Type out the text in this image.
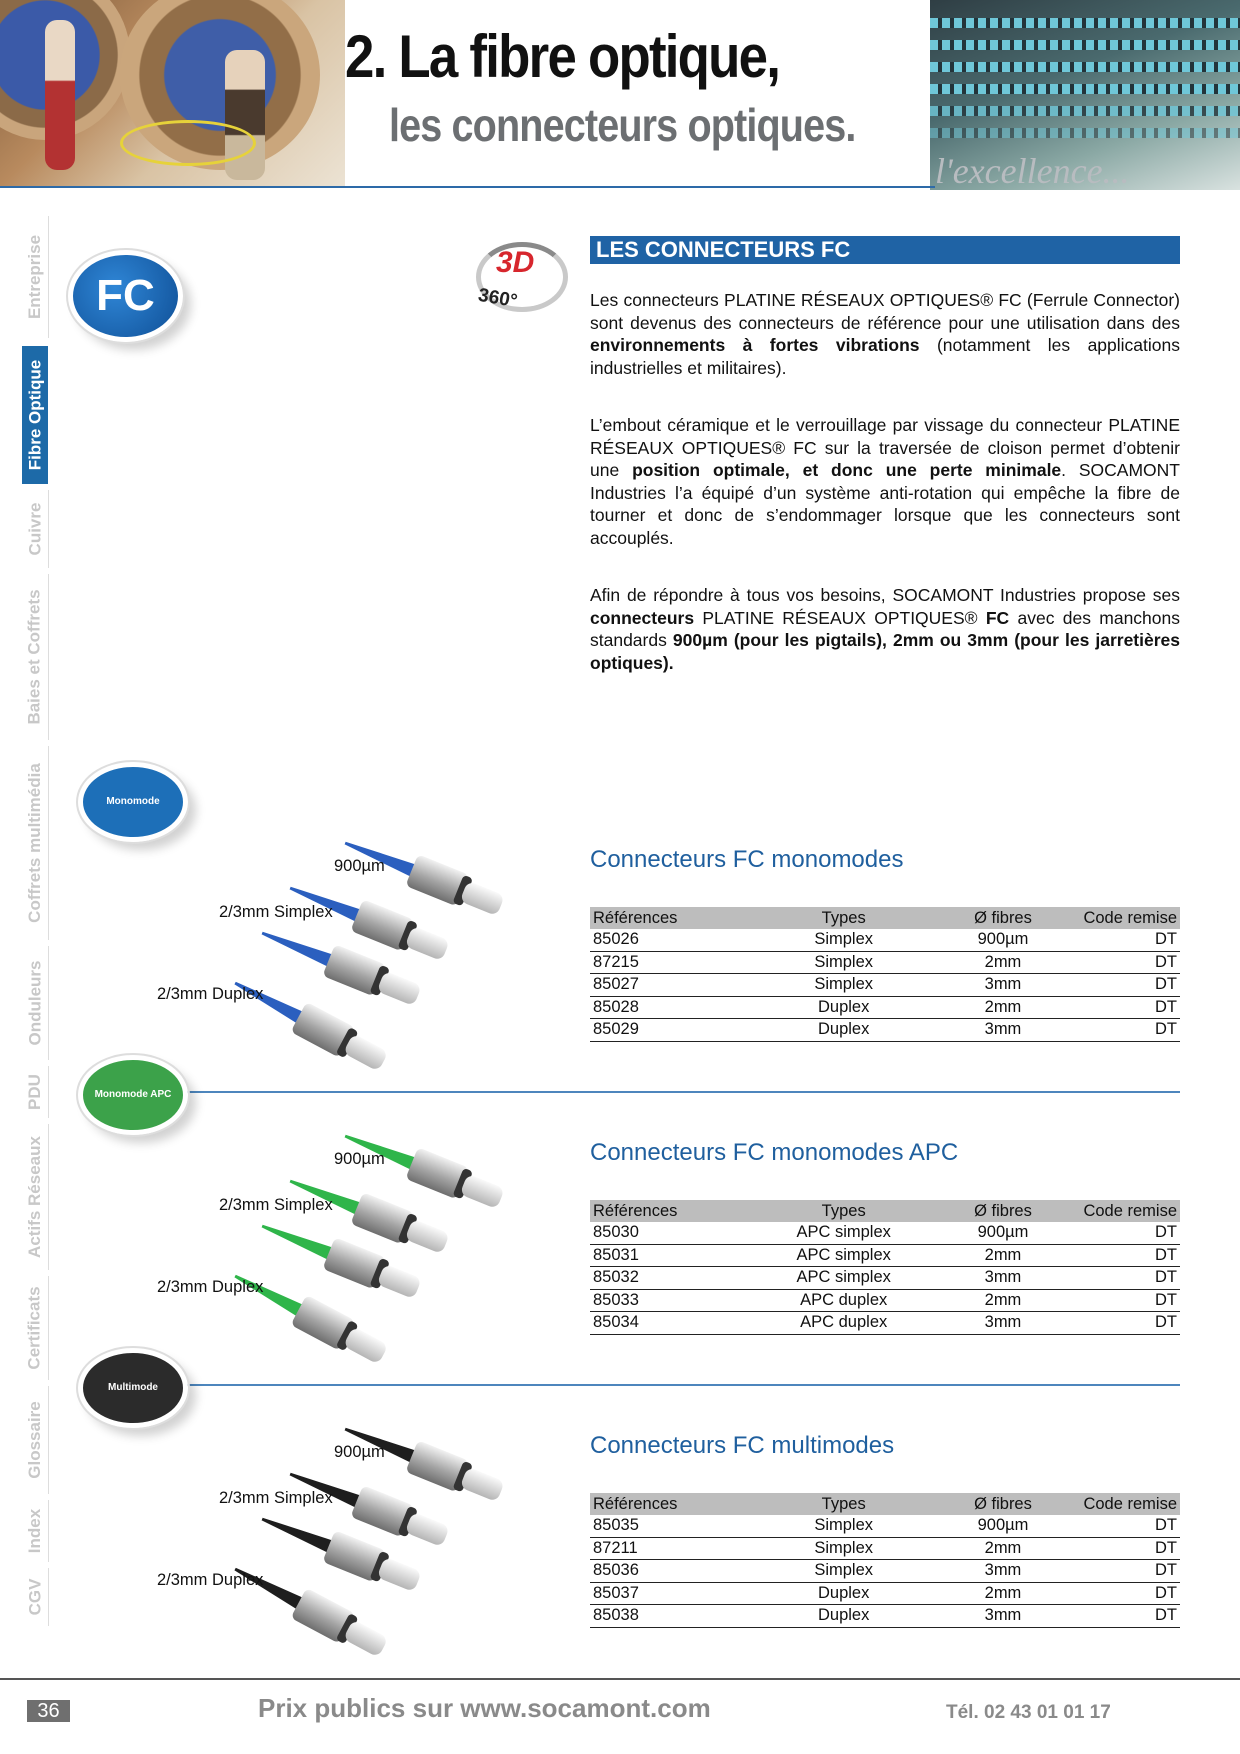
2. La fibre optique,
les connecteurs optiques.
l'excellence...
Entreprise
Fibre Optique
Cuivre
Baies et Coffrets
Coffrets multimédia
Onduleurs
PDU
Actifs Réseaux
Certificats
Glossaire
Index
CGV
FC
3D
360°
LES CONNECTEURS FC
Les connecteurs PLATINE RÉSEAUX OPTIQUES® FC (Ferrule Connector) sont devenus des connecteurs de référence pour une utilisation dans des environnements à fortes vibrations (notamment les applications industrielles et militaires).
L’embout céramique et le verrouillage par vissage du connecteur PLATINE RÉSEAUX OPTIQUES® FC sur la traversée de cloison permet d’obtenir une position optimale, et donc une perte minimale. SOCAMONT Industries l’a équipé d’un système anti-rotation qui empêche la fibre de tourner et donc de s’endommager lorsque que les connecteurs sont accouplés.
Afin de répondre à tous vos besoins, SOCAMONT Industries propose ses connecteurs PLATINE RÉSEAUX OPTIQUES® FC avec des manchons standards 900µm (pour les pigtails), 2mm ou 3mm (pour les jarretières optiques).
Monomode
900µm
2/3mm Simplex
2/3mm Duplex
Connecteurs FC monomodes
Références	Types	Ø fibres	Code remise
85026	Simplex	900µm	DT
87215	Simplex	2mm	DT
85027	Simplex	3mm	DT
85028	Duplex	2mm	DT
85029	Duplex	3mm	DT
Monomode APC
900µm
2/3mm Simplex
2/3mm Duplex
Connecteurs FC monomodes APC
Références	Types	Ø fibres	Code remise
85030	APC simplex	900µm	DT
85031	APC simplex	2mm	DT
85032	APC simplex	3mm	DT
85033	APC duplex	2mm	DT
85034	APC duplex	3mm	DT
Multimode
900µm
2/3mm Simplex
2/3mm Duplex
Connecteurs FC multimodes
Références	Types	Ø fibres	Code remise
85035	Simplex	900µm	DT
87211	Simplex	2mm	DT
85036	Simplex	3mm	DT
85037	Duplex	2mm	DT
85038	Duplex	3mm	DT
36	Prix publics sur www.socamont.com	Tél. 02 43 01 01 17
